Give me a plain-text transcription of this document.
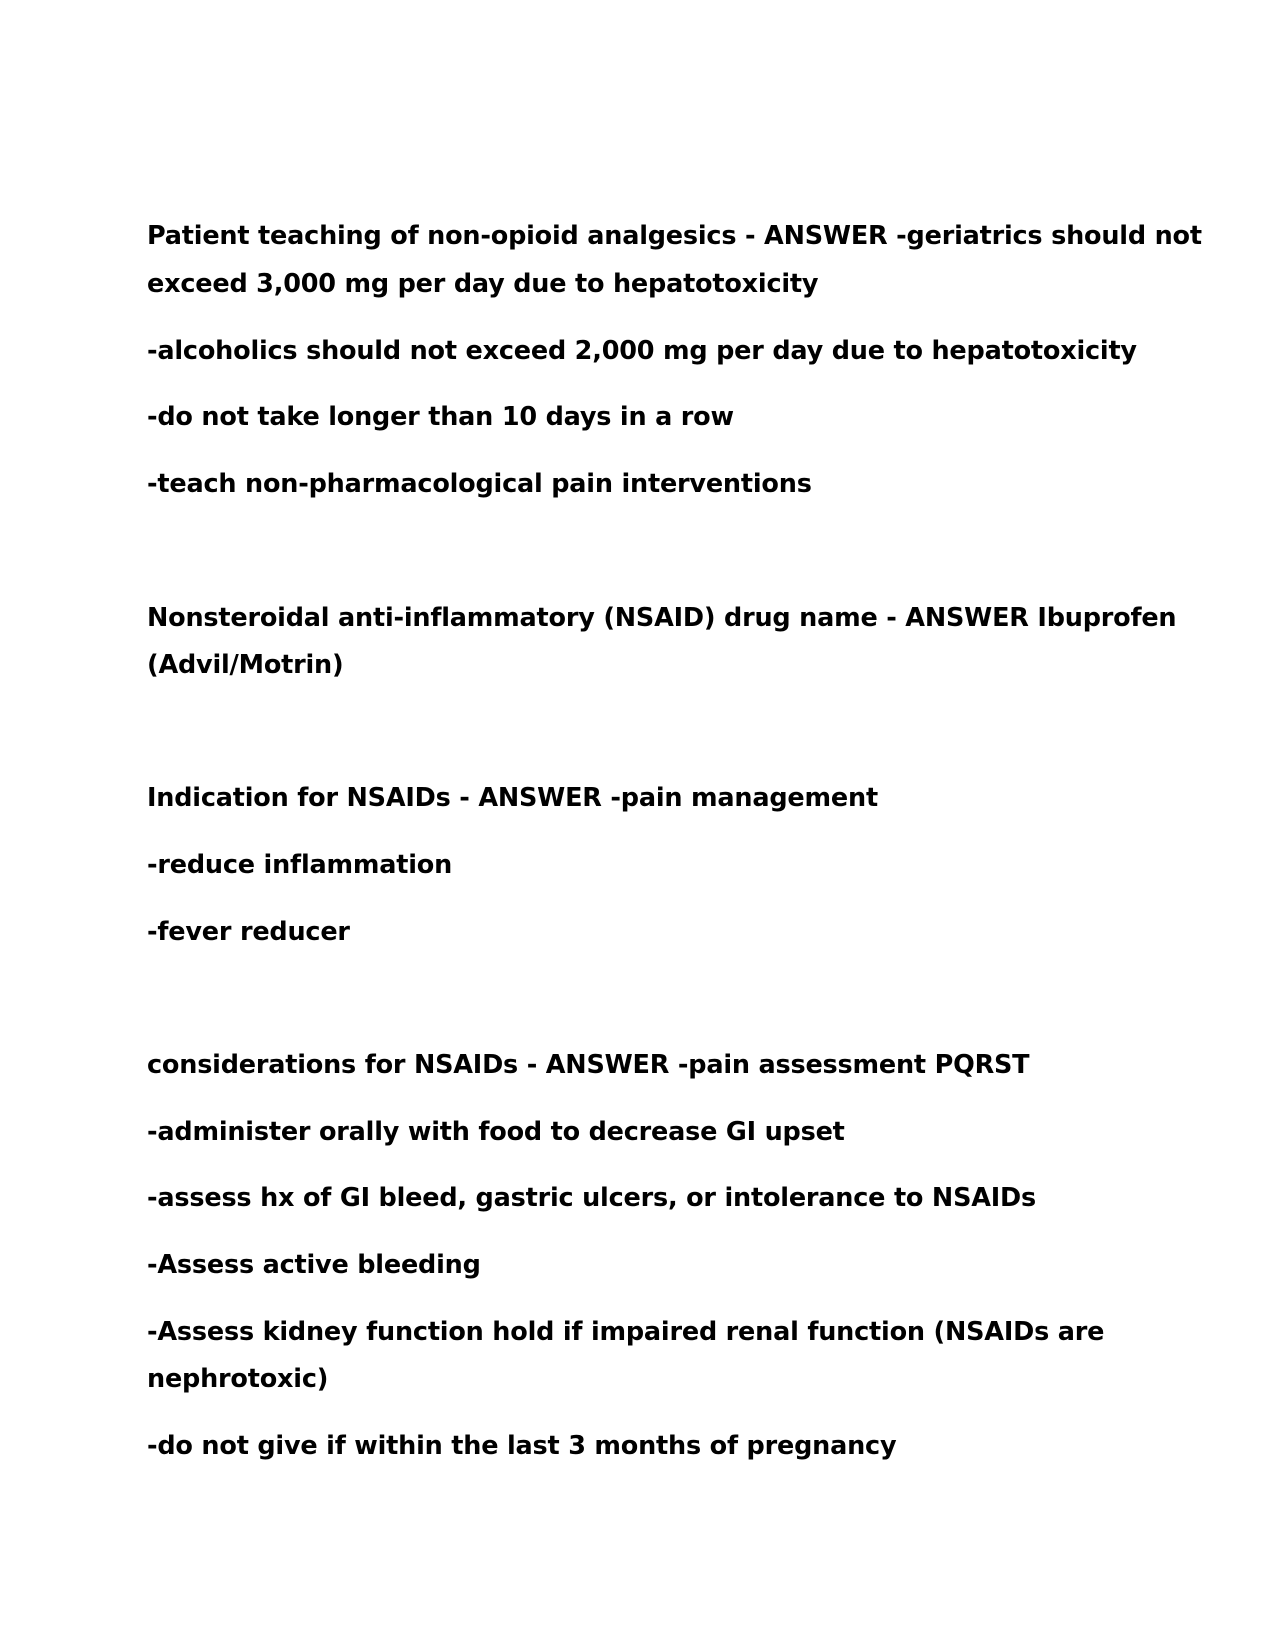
Patient teaching of non-opioid analgesics - ANSWER -geriatrics should not

exceed 3,000 mg per day due to hepatotoxicity

-alcoholics should not exceed 2,000 mg per day due to hepatotoxicity

-do not take longer than 10 days in a row

-teach non-pharmacological pain interventions

Nonsteroidal anti-inflammatory (NSAID) drug name - ANSWER Ibuprofen

(Advil/Motrin)

Indication for NSAIDs - ANSWER -pain management

-reduce inflammation

-fever reducer

considerations for NSAIDs - ANSWER -pain assessment PQRST

-administer orally with food to decrease GI upset

-assess hx of GI bleed, gastric ulcers, or intolerance to NSAIDs

-Assess active bleeding

-Assess kidney function hold if impaired renal function (NSAIDs are

nephrotoxic)

-do not give if within the last 3 months of pregnancy
